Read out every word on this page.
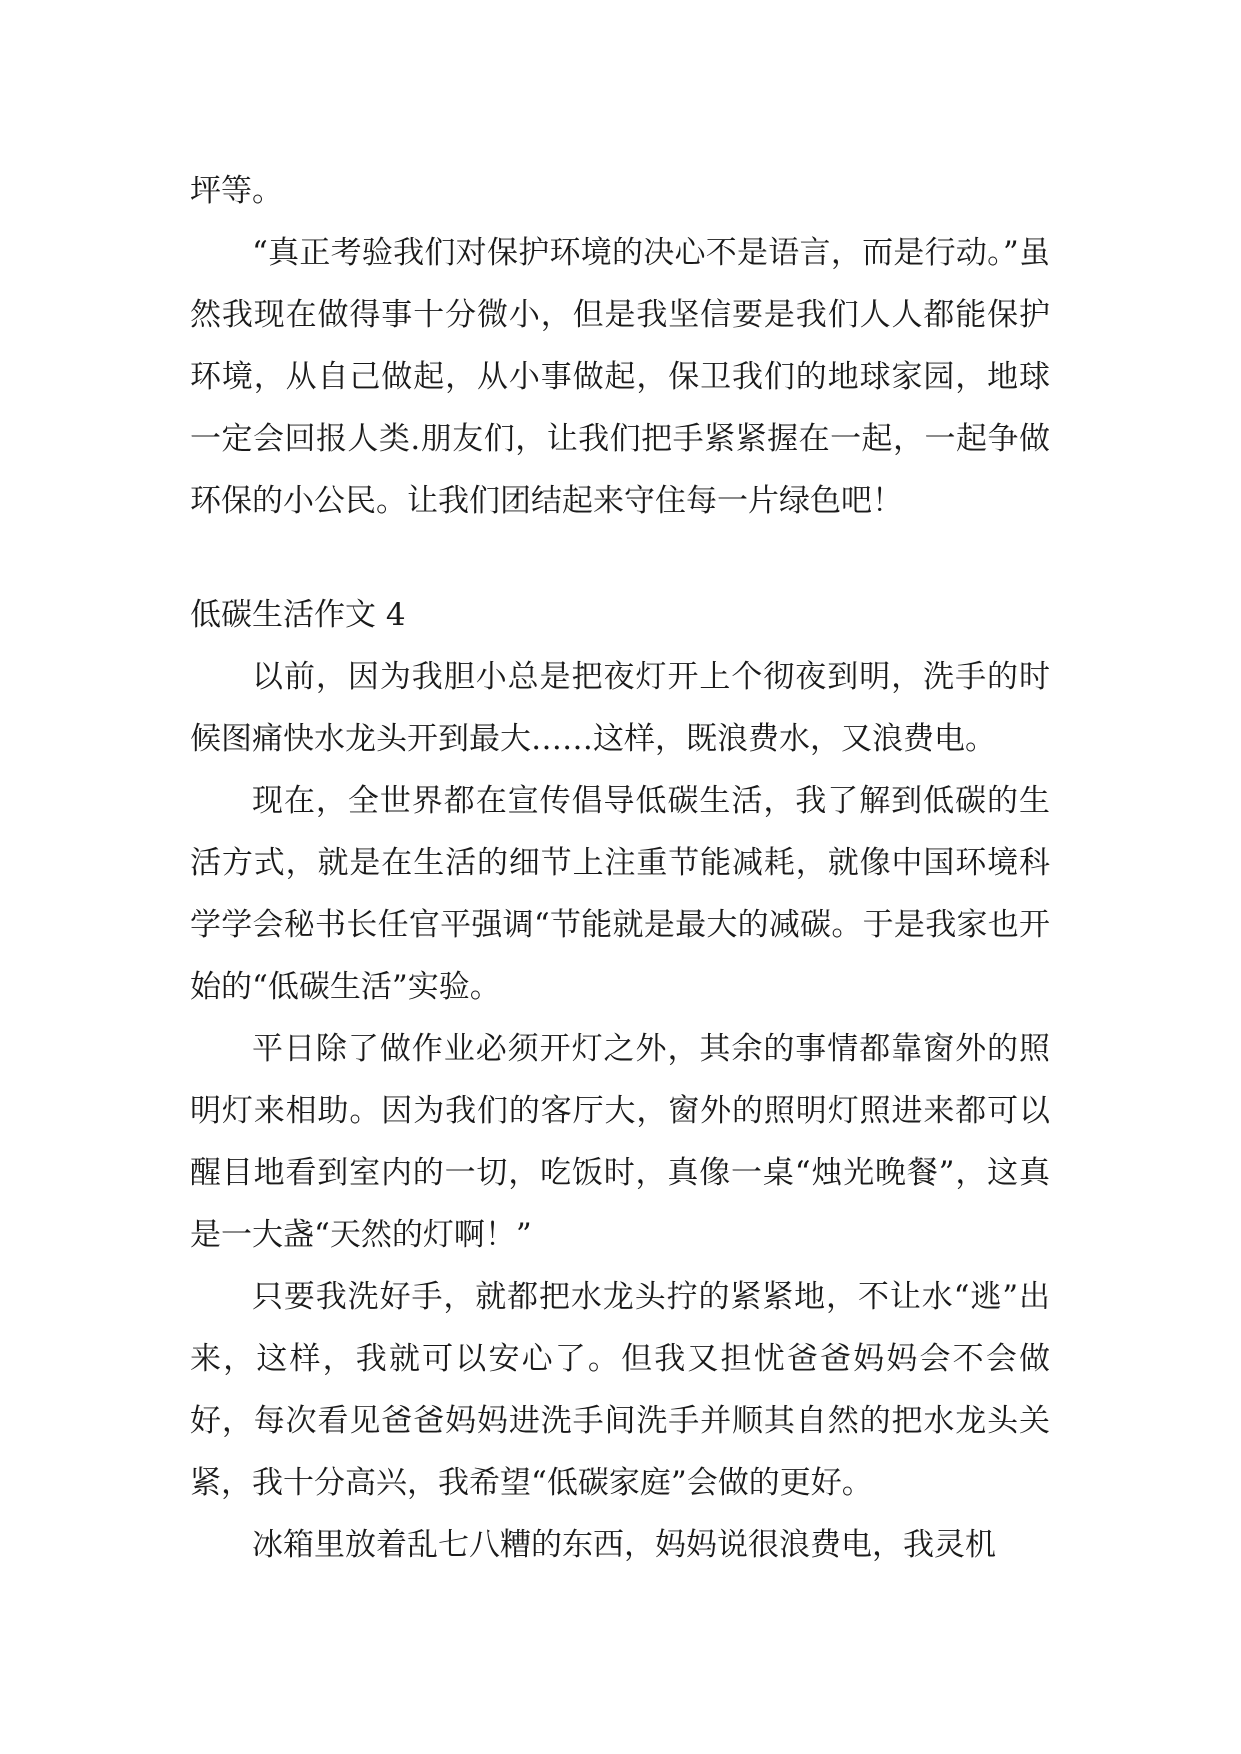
坪等。

“真正考验我们对保护环境的决心不是语言，而是行动。”虽然我现在做得事十分微小，但是我坚信要是我们人人都能保护环境，从自己做起，从小事做起，保卫我们的地球家园，地球一定会回报人类.朋友们，让我们把手紧紧握在一起，一起争做环保的小公民。让我们团结起来守住每一片绿色吧！

低碳生活作文 4

以前，因为我胆小总是把夜灯开上个彻夜到明，洗手的时候图痛快水龙头开到最大……这样，既浪费水，又浪费电。

现在，全世界都在宣传倡导低碳生活，我了解到低碳的生活方式，就是在生活的细节上注重节能减耗，就像中国环境科学学会秘书长任官平强调“节能就是最大的减碳。于是我家也开始的“低碳生活”实验。

平日除了做作业必须开灯之外，其余的事情都靠窗外的照明灯来相助。因为我们的客厅大，窗外的照明灯照进来都可以醒目地看到室内的一切，吃饭时，真像一桌“烛光晚餐”，这真是一大盏“天然的灯啊！”

只要我洗好手，就都把水龙头拧的紧紧地，不让水“逃”出来，这样，我就可以安心了。但我又担忧爸爸妈妈会不会做好，每次看见爸爸妈妈进洗手间洗手并顺其自然的把水龙头关紧，我十分高兴，我希望“低碳家庭”会做的更好。

冰箱里放着乱七八糟的东西，妈妈说很浪费电，我灵机
